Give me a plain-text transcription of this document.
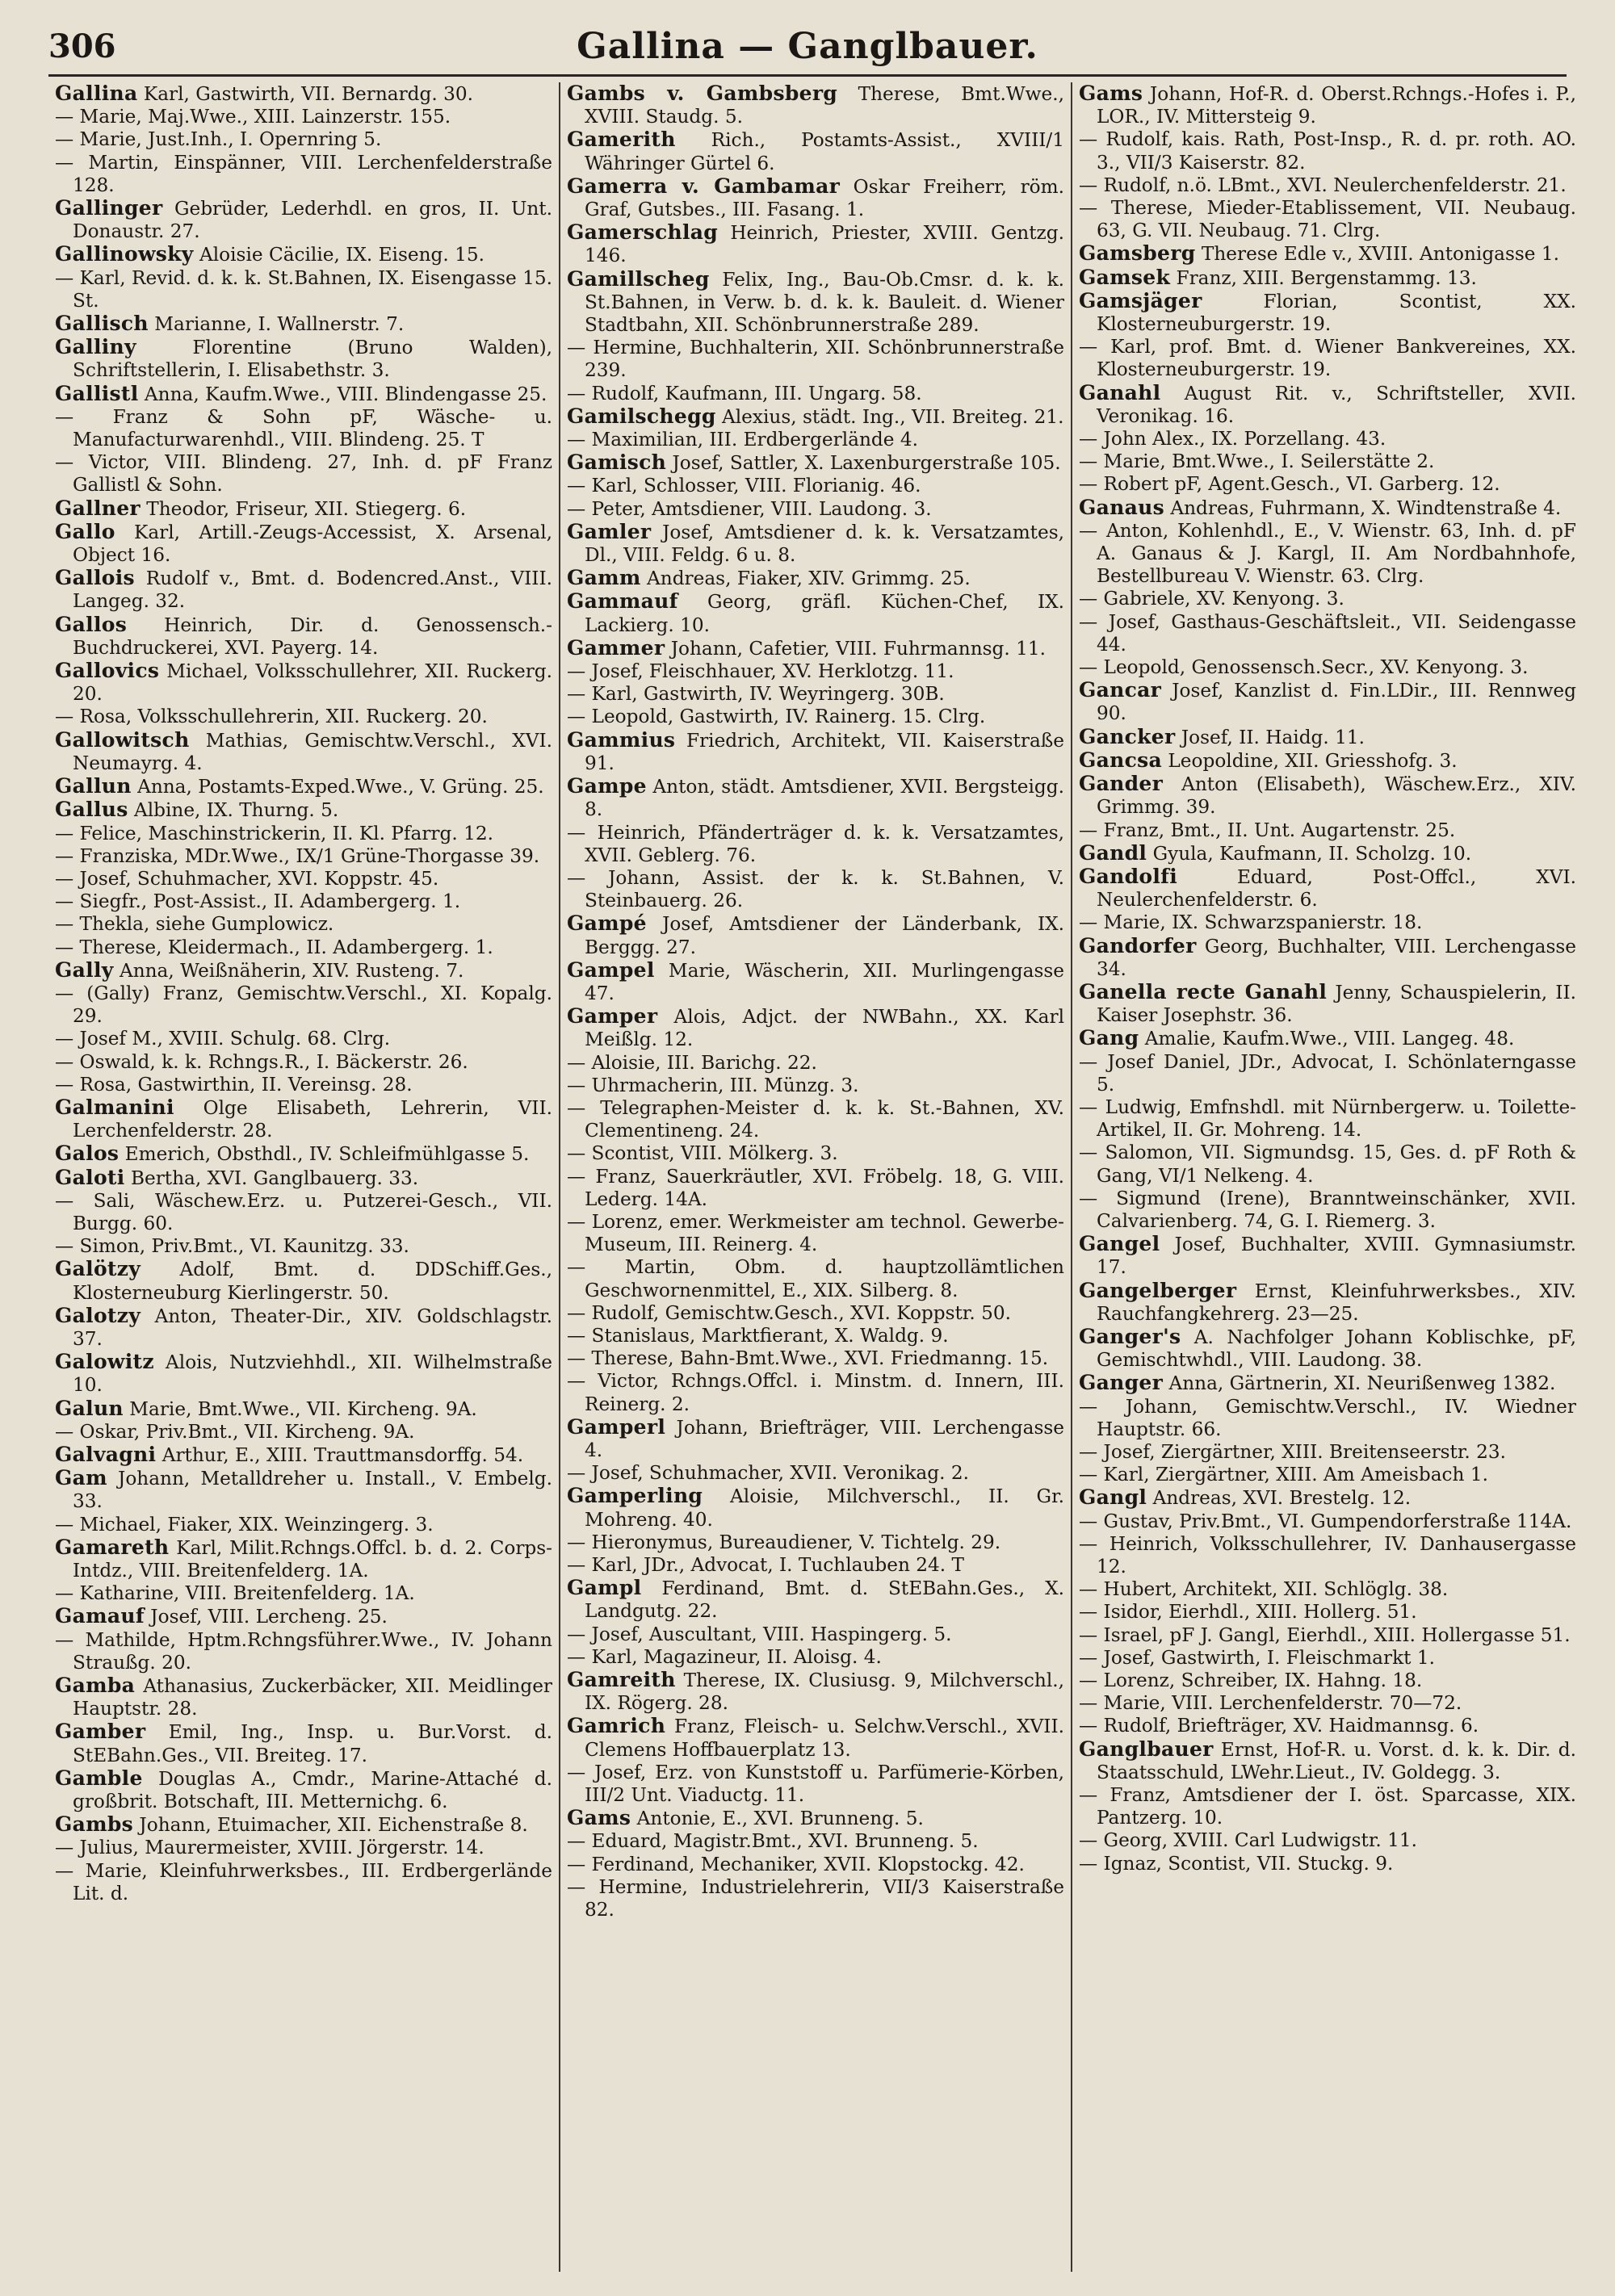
306	Gallina — Ganglbauer.
Gallina Karl, Gastwirth, VII. Bernardg. 30.
— Marie, Maj.Wwe., XIII. Lainzerstr. 155.
— Marie, Just.Inh., I. Opernring 5.
— Martin, Einspänner, VIII. Lerchenfelderstraße 128.
Gallinger Gebrüder, Lederhdl. en gros, II. Unt. Donaustr. 27.
Gallinowsky Aloisie Cäcilie, IX. Eiseng. 15.
— Karl, Revid. d. k. k. St.Bahnen, IX. Eisengasse 15. St.
Gallisch Marianne, I. Wallnerstr. 7.
Galliny Florentine (Bruno Walden), Schriftstellerin, I. Elisabethstr. 3.
Gallistl Anna, Kaufm.Wwe., VIII. Blindengasse 25.
— Franz & Sohn pF, Wäsche- u. Manufacturwarenhdl., VIII. Blindeng. 25. T
— Victor, VIII. Blindeng. 27, Inh. d. pF Franz Gallistl & Sohn.
Gallner Theodor, Friseur, XII. Stiegerg. 6.
Gallo Karl, Artill.-Zeugs-Accessist, X. Arsenal, Object 16.
Gallois Rudolf v., Bmt. d. Bodencred.Anst., VIII. Langeg. 32.
Gallos Heinrich, Dir. d. Genossensch.-Buchdruckerei, XVI. Payerg. 14.
Gallovics Michael, Volksschullehrer, XII. Ruckerg. 20.
— Rosa, Volksschullehrerin, XII. Ruckerg. 20.
Gallowitsch Mathias, Gemischtw.Verschl., XVI. Neumayrg. 4.
Gallun Anna, Postamts-Exped.Wwe., V. Grüng. 25.
Gallus Albine, IX. Thurng. 5.
— Felice, Maschinstrickerin, II. Kl. Pfarrg. 12.
— Franziska, MDr.Wwe., IX/1 Grüne-Thorgasse 39.
— Josef, Schuhmacher, XVI. Koppstr. 45.
— Siegfr., Post-Assist., II. Adambergerg. 1.
— Thekla, siehe Gumplowicz.
— Therese, Kleidermach., II. Adambergerg. 1.
Gally Anna, Weißnäherin, XIV. Rusteng. 7.
— (Gally) Franz, Gemischtw.Verschl., XI. Kopalg. 29.
— Josef M., XVIII. Schulg. 68. Clrg.
— Oswald, k. k. Rchngs.R., I. Bäckerstr. 26.
— Rosa, Gastwirthin, II. Vereinsg. 28.
Galmanini Olge Elisabeth, Lehrerin, VII. Lerchenfelderstr. 28.
Galos Emerich, Obsthdl., IV. Schleifmühlgasse 5.
Galoti Bertha, XVI. Ganglbauerg. 33.
— Sali, Wäschew.Erz. u. Putzerei-Gesch., VII. Burgg. 60.
— Simon, Priv.Bmt., VI. Kaunitzg. 33.
Galötzy Adolf, Bmt. d. DDSchiff.Ges., Klosterneuburg Kierlingerstr. 50.
Galotzy Anton, Theater-Dir., XIV. Goldschlagstr. 37.
Galowitz Alois, Nutzviehhdl., XII. Wilhelmstraße 10.
Galun Marie, Bmt.Wwe., VII. Kircheng. 9A.
— Oskar, Priv.Bmt., VII. Kircheng. 9A.
Galvagni Arthur, E., XIII. Trauttmansdorffg. 54.
Gam Johann, Metalldreher u. Install., V. Embelg. 33.
— Michael, Fiaker, XIX. Weinzingerg. 3.
Gamareth Karl, Milit.Rchngs.Offcl. b. d. 2. Corps-Intdz., VIII. Breitenfelderg. 1A.
— Katharine, VIII. Breitenfelderg. 1A.
Gamauf Josef, VIII. Lercheng. 25.
— Mathilde, Hptm.Rchngsführer.Wwe., IV. Johann Straußg. 20.
Gamba Athanasius, Zuckerbäcker, XII. Meidlinger Hauptstr. 28.
Gamber Emil, Ing., Insp. u. Bur.Vorst. d. StEBahn.Ges., VII. Breiteg. 17.
Gamble Douglas A., Cmdr., Marine-Attaché d. großbrit. Botschaft, III. Metternichg. 6.
Gambs Johann, Etuimacher, XII. Eichenstraße 8.
— Julius, Maurermeister, XVIII. Jörgerstr. 14.
— Marie, Kleinfuhrwerksbes., III. Erdbergerlände Lit. d.
Gambs v. Gambsberg Therese, Bmt.Wwe., XVIII. Staudg. 5.
Gamerith Rich., Postamts-Assist., XVIII/1 Währinger Gürtel 6.
Gamerra v. Gambamar Oskar Freiherr, röm. Graf, Gutsbes., III. Fasang. 1.
Gamerschlag Heinrich, Priester, XVIII. Gentzg. 146.
Gamillscheg Felix, Ing., Bau-Ob.Cmsr. d. k. k. St.Bahnen, in Verw. b. d. k. k. Bauleit. d. Wiener Stadtbahn, XII. Schönbrunnerstraße 289.
— Hermine, Buchhalterin, XII. Schönbrunnerstraße 239.
— Rudolf, Kaufmann, III. Ungarg. 58.
Gamilschegg Alexius, städt. Ing., VII. Breiteg. 21.
— Maximilian, III. Erdbergerlände 4.
Gamisch Josef, Sattler, X. Laxenburgerstraße 105.
— Karl, Schlosser, VIII. Florianig. 46.
— Peter, Amtsdiener, VIII. Laudong. 3.
Gamler Josef, Amtsdiener d. k. k. Versatzamtes, Dl., VIII. Feldg. 6 u. 8.
Gamm Andreas, Fiaker, XIV. Grimmg. 25.
Gammauf Georg, gräfl. Küchen-Chef, IX. Lackierg. 10.
Gammer Johann, Cafetier, VIII. Fuhrmannsg. 11.
— Josef, Fleischhauer, XV. Herklotzg. 11.
— Karl, Gastwirth, IV. Weyringerg. 30B.
— Leopold, Gastwirth, IV. Rainerg. 15. Clrg.
Gammius Friedrich, Architekt, VII. Kaiserstraße 91.
Gampe Anton, städt. Amtsdiener, XVII. Bergsteigg. 8.
— Heinrich, Pfänderträger d. k. k. Versatzamtes, XVII. Geblerg. 76.
— Johann, Assist. der k. k. St.Bahnen, V. Steinbauerg. 26.
Gampé Josef, Amtsdiener der Länderbank, IX. Berggg. 27.
Gampel Marie, Wäscherin, XII. Murlingengasse 47.
Gamper Alois, Adjct. der NWBahn., XX. Karl Meißlg. 12.
— Aloisie, III. Barichg. 22.
— Uhrmacherin, III. Münzg. 3.
— Telegraphen-Meister d. k. k. St.-Bahnen, XV. Clementineng. 24.
— Scontist, VIII. Mölkerg. 3.
— Franz, Sauerkräutler, XVI. Fröbelg. 18, G. VIII. Lederg. 14A.
— Lorenz, emer. Werkmeister am technol. Gewerbe-Museum, III. Reinerg. 4.
— Martin, Obm. d. hauptzollämtlichen Geschwornenmittel, E., XIX. Silberg. 8.
— Rudolf, Gemischtw.Gesch., XVI. Koppstr. 50.
— Stanislaus, Marktfierant, X. Waldg. 9.
— Therese, Bahn-Bmt.Wwe., XVI. Friedmanng. 15.
— Victor, Rchngs.Offcl. i. Minstm. d. Innern, III. Reinerg. 2.
Gamperl Johann, Briefträger, VIII. Lerchengasse 4.
— Josef, Schuhmacher, XVII. Veronikag. 2.
Gamperling Aloisie, Milchverschl., II. Gr. Mohreng. 40.
— Hieronymus, Bureaudiener, V. Tichtelg. 29.
— Karl, JDr., Advocat, I. Tuchlauben 24. T
Gampl Ferdinand, Bmt. d. StEBahn.Ges., X. Landgutg. 22.
— Josef, Auscultant, VIII. Haspingerg. 5.
— Karl, Magazineur, II. Aloisg. 4.
Gamreith Therese, IX. Clusiusg. 9, Milchverschl., IX. Rögerg. 28.
Gamrich Franz, Fleisch- u. Selchw.Verschl., XVII. Clemens Hoffbauerplatz 13.
— Josef, Erz. von Kunststoff u. Parfümerie-Körben, III/2 Unt. Viaductg. 11.
Gams Antonie, E., XVI. Brunneng. 5.
— Eduard, Magistr.Bmt., XVI. Brunneng. 5.
— Ferdinand, Mechaniker, XVII. Klopstockg. 42.
— Hermine, Industrielehrerin, VII/3 Kaiserstraße 82.
Gams Johann, Hof-R. d. Oberst.Rchngs.-Hofes i. P., LOR., IV. Mittersteig 9.
— Rudolf, kais. Rath, Post-Insp., R. d. pr. roth. AO. 3., VII/3 Kaiserstr. 82.
— Rudolf, n.ö. LBmt., XVI. Neulerchenfelderstr. 21.
— Therese, Mieder-Etablissement, VII. Neubaug. 63, G. VII. Neubaug. 71. Clrg.
Gamsberg Therese Edle v., XVIII. Antonigasse 1.
Gamsek Franz, XIII. Bergenstammg. 13.
Gamsjäger Florian, Scontist, XX. Klosterneuburgerstr. 19.
— Karl, prof. Bmt. d. Wiener Bankvereines, XX. Klosterneuburgerstr. 19.
Ganahl August Rit. v., Schriftsteller, XVII. Veronikag. 16.
— John Alex., IX. Porzellang. 43.
— Marie, Bmt.Wwe., I. Seilerstätte 2.
— Robert pF, Agent.Gesch., VI. Garberg. 12.
Ganaus Andreas, Fuhrmann, X. Windtenstraße 4.
— Anton, Kohlenhdl., E., V. Wienstr. 63, Inh. d. pF A. Ganaus & J. Kargl, II. Am Nordbahnhofe, Bestellbureau V. Wienstr. 63. Clrg.
— Gabriele, XV. Kenyong. 3.
— Josef, Gasthaus-Geschäftsleit., VII. Seidengasse 44.
— Leopold, Genossensch.Secr., XV. Kenyong. 3.
Gancar Josef, Kanzlist d. Fin.LDir., III. Rennweg 90.
Gancker Josef, II. Haidg. 11.
Gancsa Leopoldine, XII. Griesshofg. 3.
Gander Anton (Elisabeth), Wäschew.Erz., XIV. Grimmg. 39.
— Franz, Bmt., II. Unt. Augartenstr. 25.
Gandl Gyula, Kaufmann, II. Scholzg. 10.
Gandolfi Eduard, Post-Offcl., XVI. Neulerchenfelderstr. 6.
— Marie, IX. Schwarzspanierstr. 18.
Gandorfer Georg, Buchhalter, VIII. Lerchengasse 34.
Ganella recte Ganahl Jenny, Schauspielerin, II. Kaiser Josephstr. 36.
Gang Amalie, Kaufm.Wwe., VIII. Langeg. 48.
— Josef Daniel, JDr., Advocat, I. Schönlaterngasse 5.
— Ludwig, Emfnshdl. mit Nürnbergerw. u. Toilette-Artikel, II. Gr. Mohreng. 14.
— Salomon, VII. Sigmundsg. 15, Ges. d. pF Roth & Gang, VI/1 Nelkeng. 4.
— Sigmund (Irene), Branntweinschänker, XVII. Calvarienberg. 74, G. I. Riemerg. 3.
Gangel Josef, Buchhalter, XVIII. Gymnasiumstr. 17.
Gangelberger Ernst, Kleinfuhrwerksbes., XIV. Rauchfangkehrerg. 23—25.
Ganger's A. Nachfolger Johann Koblischke, pF, Gemischtwhdl., VIII. Laudong. 38.
Ganger Anna, Gärtnerin, XI. Neurißenweg 1382.
— Johann, Gemischtw.Verschl., IV. Wiedner Hauptstr. 66.
— Josef, Ziergärtner, XIII. Breitenseerstr. 23.
— Karl, Ziergärtner, XIII. Am Ameisbach 1.
Gangl Andreas, XVI. Brestelg. 12.
— Gustav, Priv.Bmt., VI. Gumpendorferstraße 114A.
— Heinrich, Volksschullehrer, IV. Danhausergasse 12.
— Hubert, Architekt, XII. Schlöglg. 38.
— Isidor, Eierhdl., XIII. Hollerg. 51.
— Israel, pF J. Gangl, Eierhdl., XIII. Hollergasse 51.
— Josef, Gastwirth, I. Fleischmarkt 1.
— Lorenz, Schreiber, IX. Hahng. 18.
— Marie, VIII. Lerchenfelderstr. 70—72.
— Rudolf, Briefträger, XV. Haidmannsg. 6.
Ganglbauer Ernst, Hof-R. u. Vorst. d. k. k. Dir. d. Staatsschuld, LWehr.Lieut., IV. Goldegg. 3.
— Franz, Amtsdiener der I. öst. Sparcasse, XIX. Pantzerg. 10.
— Georg, XVIII. Carl Ludwigstr. 11.
— Ignaz, Scontist, VII. Stuckg. 9.
